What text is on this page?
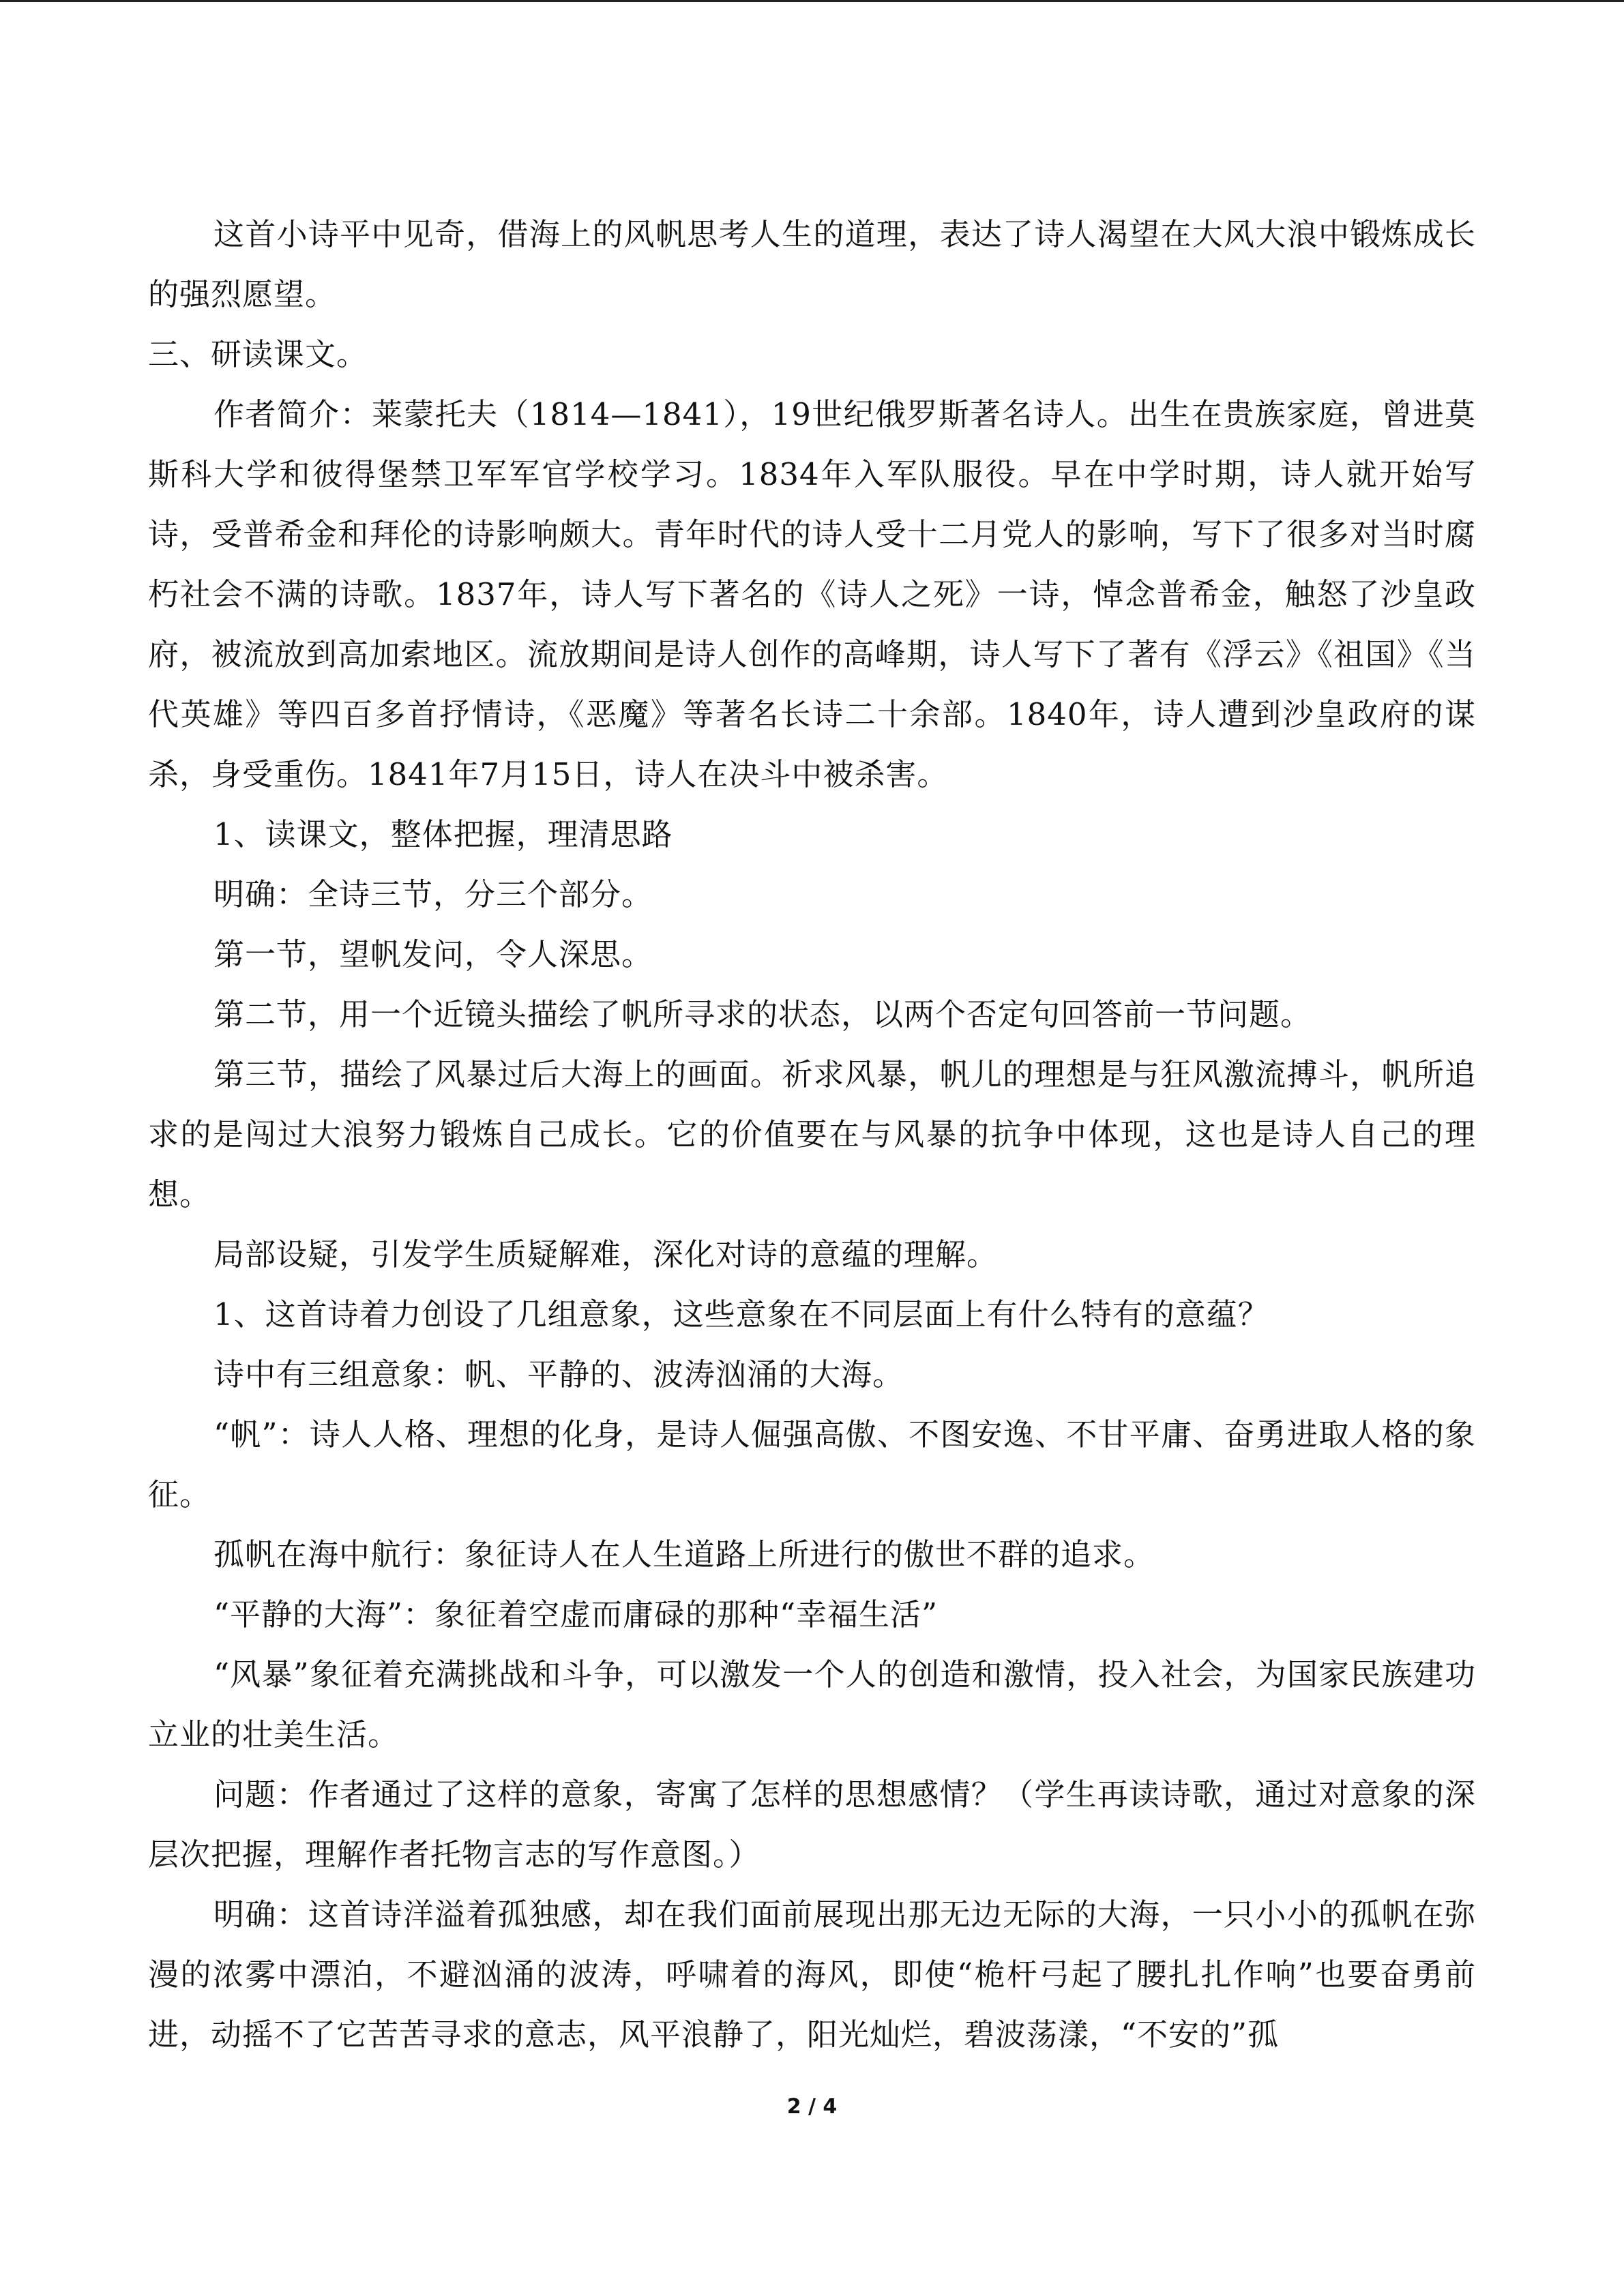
这首小诗平中见奇，借海上的风帆思考人生的道理，表达了诗人渴望在大风大浪中锻炼成长的强烈愿望。

三、研读课文。

作者简介：莱蒙托夫（1814—1841），19世纪俄罗斯著名诗人。出生在贵族家庭，曾进莫斯科大学和彼得堡禁卫军军官学校学习。1834年入军队服役。早在中学时期，诗人就开始写诗，受普希金和拜伦的诗影响颇大。青年时代的诗人受十二月党人的影响，写下了很多对当时腐朽社会不满的诗歌。1837年，诗人写下著名的《诗人之死》一诗，悼念普希金，触怒了沙皇政府，被流放到高加索地区。流放期间是诗人创作的高峰期，诗人写下了著有《浮云》《祖国》《当代英雄》等四百多首抒情诗，《恶魔》等著名长诗二十余部。1840年，诗人遭到沙皇政府的谋杀，身受重伤。1841年7月15日，诗人在决斗中被杀害。

1、读课文，整体把握，理清思路

明确：全诗三节，分三个部分。

第一节，望帆发问，令人深思。

第二节，用一个近镜头描绘了帆所寻求的状态，以两个否定句回答前一节问题。

第三节，描绘了风暴过后大海上的画面。祈求风暴，帆儿的理想是与狂风激流搏斗，帆所追求的是闯过大浪努力锻炼自己成长。它的价值要在与风暴的抗争中体现，这也是诗人自己的理想。

局部设疑，引发学生质疑解难，深化对诗的意蕴的理解。

1、这首诗着力创设了几组意象，这些意象在不同层面上有什么特有的意蕴？

诗中有三组意象：帆、平静的、波涛汹涌的大海。

“帆”：诗人人格、理想的化身，是诗人倔强高傲、不图安逸、不甘平庸、奋勇进取人格的象征。

孤帆在海中航行：象征诗人在人生道路上所进行的傲世不群的追求。

“平静的大海”：象征着空虚而庸碌的那种“幸福生活”

“风暴”象征着充满挑战和斗争，可以激发一个人的创造和激情，投入社会，为国家民族建功立业的壮美生活。

问题：作者通过了这样的意象，寄寓了怎样的思想感情？（学生再读诗歌，通过对意象的深层次把握，理解作者托物言志的写作意图。）

明确：这首诗洋溢着孤独感，却在我们面前展现出那无边无际的大海，一只小小的孤帆在弥漫的浓雾中漂泊，不避汹涌的波涛，呼啸着的海风，即使“桅杆弓起了腰扎扎作响”也要奋勇前进，动摇不了它苦苦寻求的意志，风平浪静了，阳光灿烂，碧波荡漾，“不安的”孤

2 / 4
